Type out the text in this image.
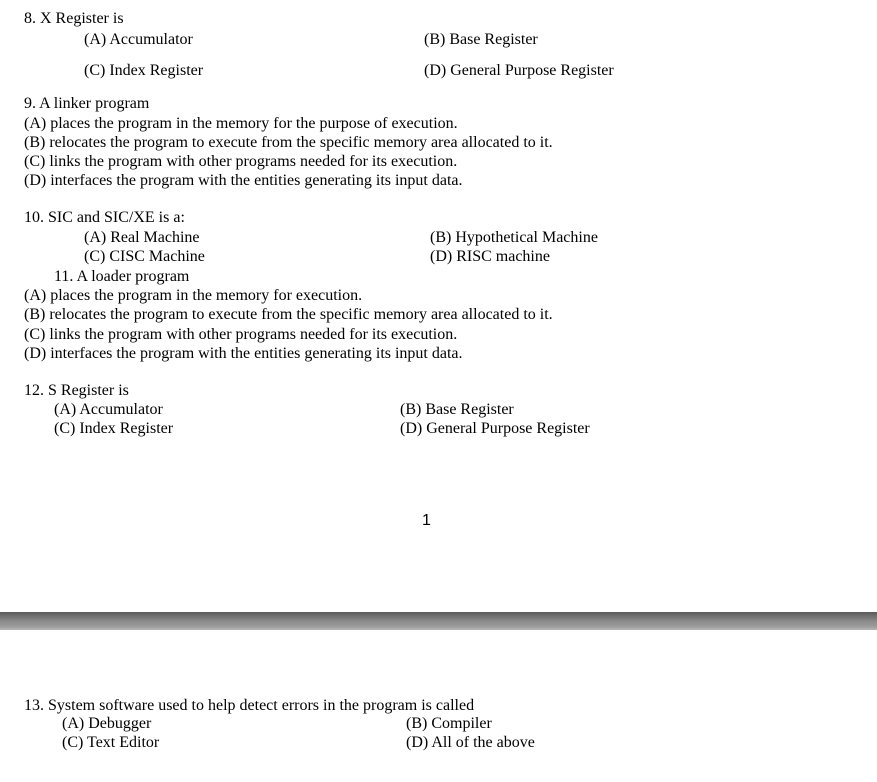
8. X Register is
(A) Accumulator	(B) Base Register
(C) Index Register	(D) General Purpose Register
9. A linker program
(A) places the program in the memory for the purpose of execution.
(B) relocates the program to execute from the specific memory area allocated to it.
(C) links the program with other programs needed for its execution.
(D) interfaces the program with the entities generating its input data.
10. SIC and SIC/XE is a:
(A) Real Machine	(B) Hypothetical Machine
(C) CISC Machine	(D) RISC machine
11. A loader program
(A) places the program in the memory for execution.
(B) relocates the program to execute from the specific memory area allocated to it.
(C) links the program with other programs needed for its execution.
(D) interfaces the program with the entities generating its input data.
12. S Register is
(A) Accumulator	(B) Base Register
(C) Index Register	(D) General Purpose Register
1
13. System software used to help detect errors in the program is called
(A) Debugger	(B) Compiler
(C) Text Editor	(D) All of the above
